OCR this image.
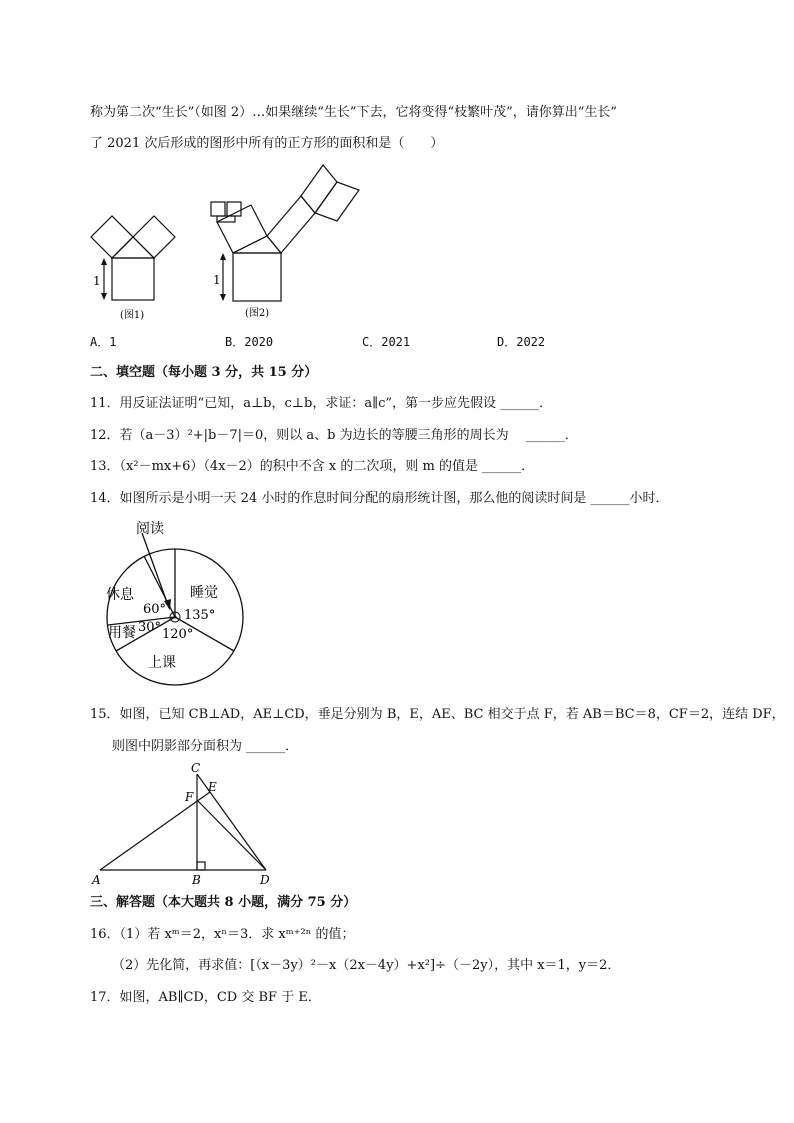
称为第二次“生长”（如图 2）…如果继续“生长”下去，它将变得“枝繁叶茂”，请你算出“生长”
了 2021 次后形成的图形中所有的正方形的面积和是（　　）
1
(图1)
1
(图2)
A．1	B．2020	C．2021	D．2022
二、填空题（每小题 3 分，共 15 分）
11．用反证法证明“已知，a⊥b，c⊥b，求证：a∥c”，第一步应先假设 ______．
12．若（a－3）²+|b－7|＝0，则以 a、b 为边长的等腰三角形的周长为　 ______．
13．（x²－mx+6）（4x－2）的积中不含 x 的二次项，则 m 的值是 ______．
14．如图所示是小明一天 24 小时的作息时间分配的扇形统计图，那么他的阅读时间是 ______小时．
阅读
睡觉
休息
用餐
上课
60° 135°
30° 120°
15．如图，已知 CB⊥AD，AE⊥CD，垂足分别为 B，E，AE、BC 相交于点 F，若 AB＝BC＝8，CF＝2，连结 DF，
则图中阴影部分面积为 ______．
A	B
C
D
E
F
三、解答题（本大题共 8 小题，满分 75 分）
16．（1）若 xᵐ＝2，xⁿ＝3．求 xᵐ⁺²ⁿ 的值；
（2）先化简，再求值：[（x－3y）²－x（2x－4y）+x²]÷（－2y），其中 x＝1，y＝2．
17．如图，AB∥CD，CD 交 BF 于 E．
